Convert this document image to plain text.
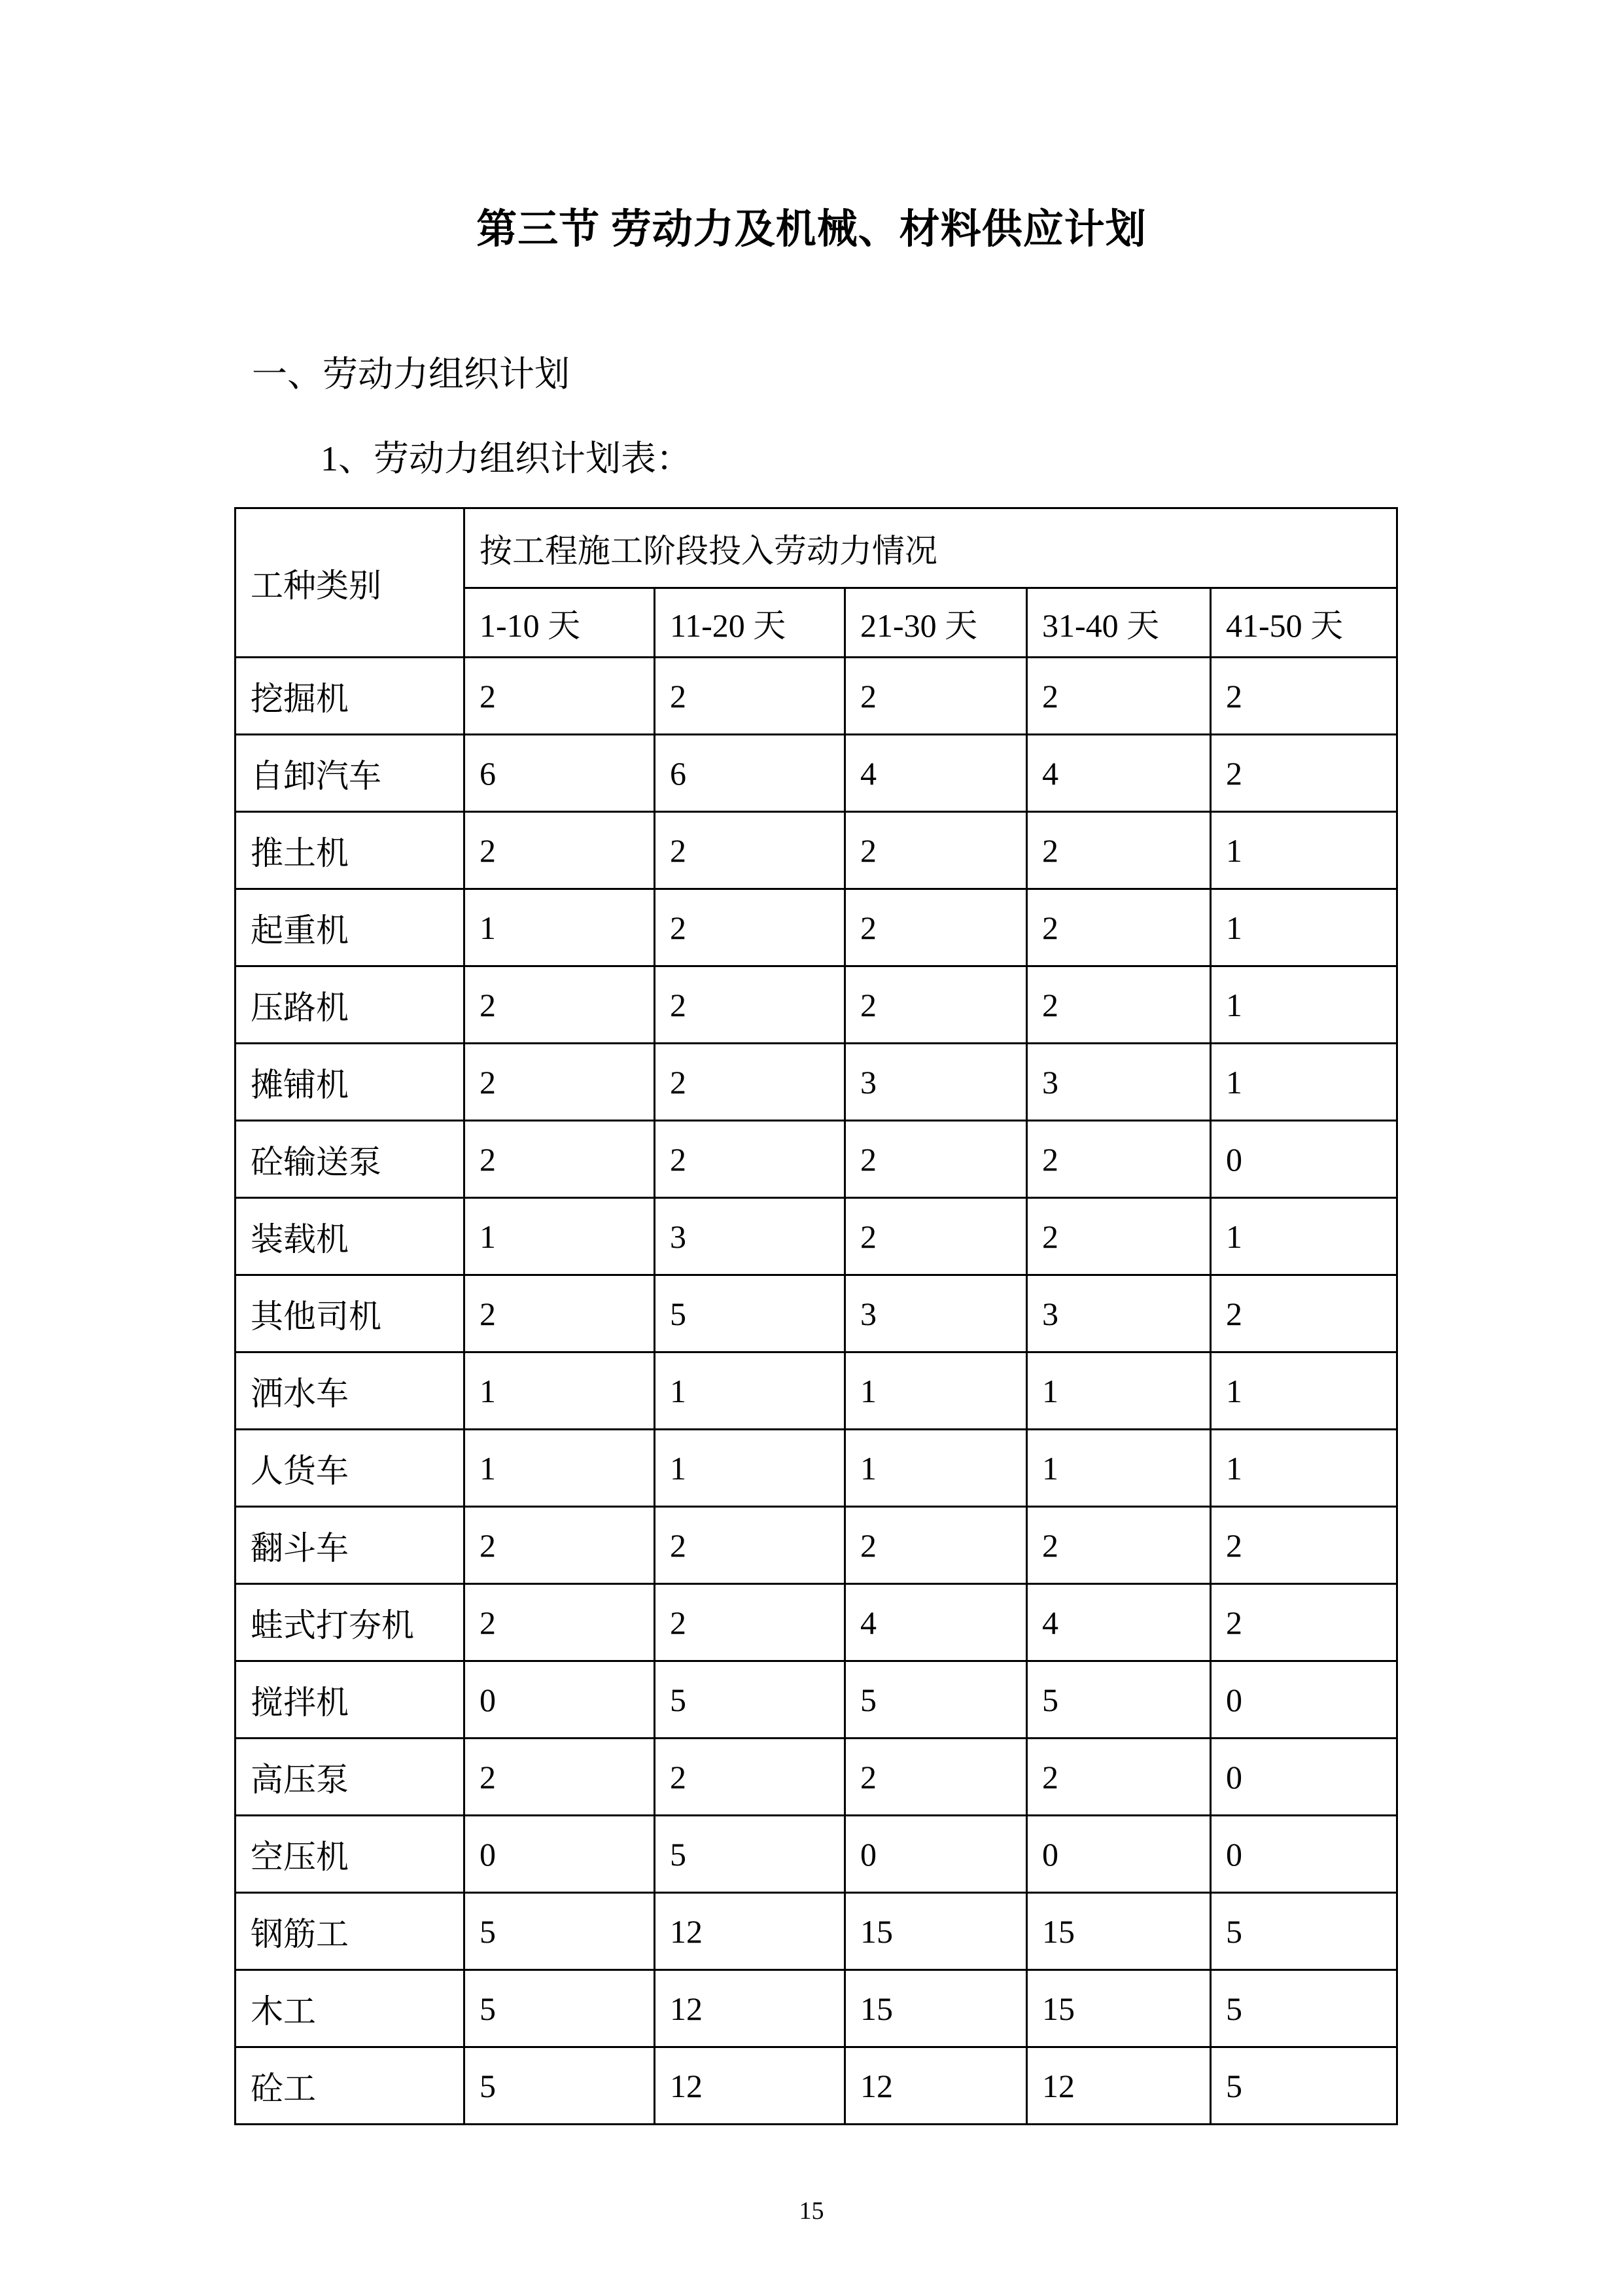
第三节 劳动力及机械、材料供应计划

一、劳动力组织计划

1、劳动力组织计划表：

工种类别	按工程施工阶段投入劳动力情况				
	1-10 天	11-20 天	21-30 天	31-40 天	41-50 天
挖掘机	2	2	2	2	2
自卸汽车	6	6	4	4	2
推土机	2	2	2	2	1
起重机	1	2	2	2	1
压路机	2	2	2	2	1
摊铺机	2	2	3	3	1
砼输送泵	2	2	2	2	0
装载机	1	3	2	2	1
其他司机	2	5	3	3	2
洒水车	1	1	1	1	1
人货车	1	1	1	1	1
翻斗车	2	2	2	2	2
蛙式打夯机	2	2	4	4	2
搅拌机	0	5	5	5	0
高压泵	2	2	2	2	0
空压机	0	5	0	0	0
钢筋工	5	12	15	15	5
木工	5	12	15	15	5
砼工	5	12	12	12	5
15
